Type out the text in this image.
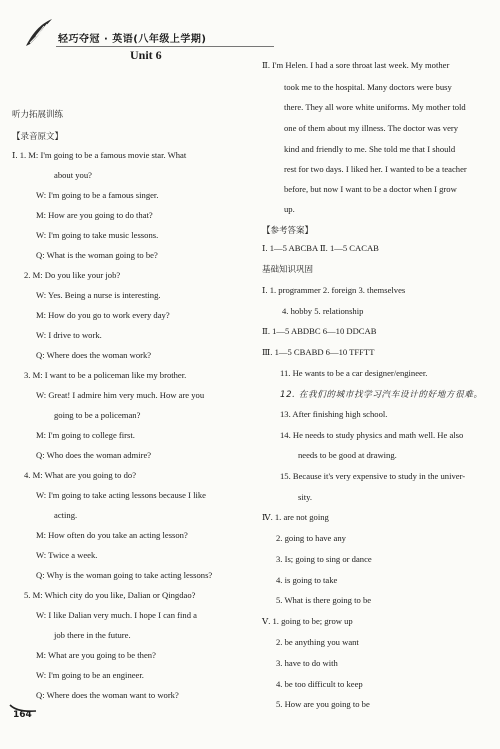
轻巧夺冠 · 英语(八年级上学期)
Unit 6
听力拓展训练
【录音原文】
Ⅰ. 1. M: I'm going to be a famous movie star. What
about you?
W: I'm going to be a famous singer.
M: How are you going to do that?
W: I'm going to take music lessons.
Q: What is the woman going to be?
2. M: Do you like your job?
W: Yes. Being a nurse is interesting.
M: How do you go to work every day?
W: I drive to work.
Q: Where does the woman work?
3. M: I want to be a policeman like my brother.
W: Great! I admire him very much. How are you
going to be a policeman?
M: I'm going to college first.
Q: Who does the woman admire?
4. M: What are you going to do?
W: I'm going to take acting lessons because I like
acting.
M: How often do you take an acting lesson?
W: Twice a week.
Q: Why is the woman going to take acting lessons?
5. M: Which city do you like, Dalian or Qingdao?
W: I like Dalian very much. I hope I can find a
job there in the future.
M: What are you going to be then?
W: I'm going to be an engineer.
Q: Where does the woman want to work?
Ⅱ. I'm Helen. I had a sore throat last week. My mother
took me to the hospital. Many doctors were busy
there. They all wore white uniforms. My mother told
one of them about my illness. The doctor was very
kind and friendly to me. She told me that I should
rest for two days. I liked her. I wanted to be a teacher
before, but now I want to be a doctor when I grow
up.
【参考答案】
Ⅰ. 1—5 ABCBA Ⅱ. 1—5 CACAB
基础知识巩固
Ⅰ. 1. programmer 2. foreign 3. themselves
4. hobby 5. relationship
Ⅱ. 1—5 ABDBC 6—10 DDCAB
Ⅲ. 1—5 CBABD 6—10 TFFTT
11. He wants to be a car designer/engineer.
12. 在我们的城市找学习汽车设计的好地方很难。
13. After finishing high school.
14. He needs to study physics and math well. He also
needs to be good at drawing.
15. Because it's very expensive to study in the univer-
sity.
Ⅳ. 1. are not going
2. going to have any
3. Is; going to sing or dance
4. is going to take
5. What is there going to be
Ⅴ. 1. going to be; grow up
2. be anything you want
3. have to do with
4. be too difficult to keep
5. How are you going to be
164
